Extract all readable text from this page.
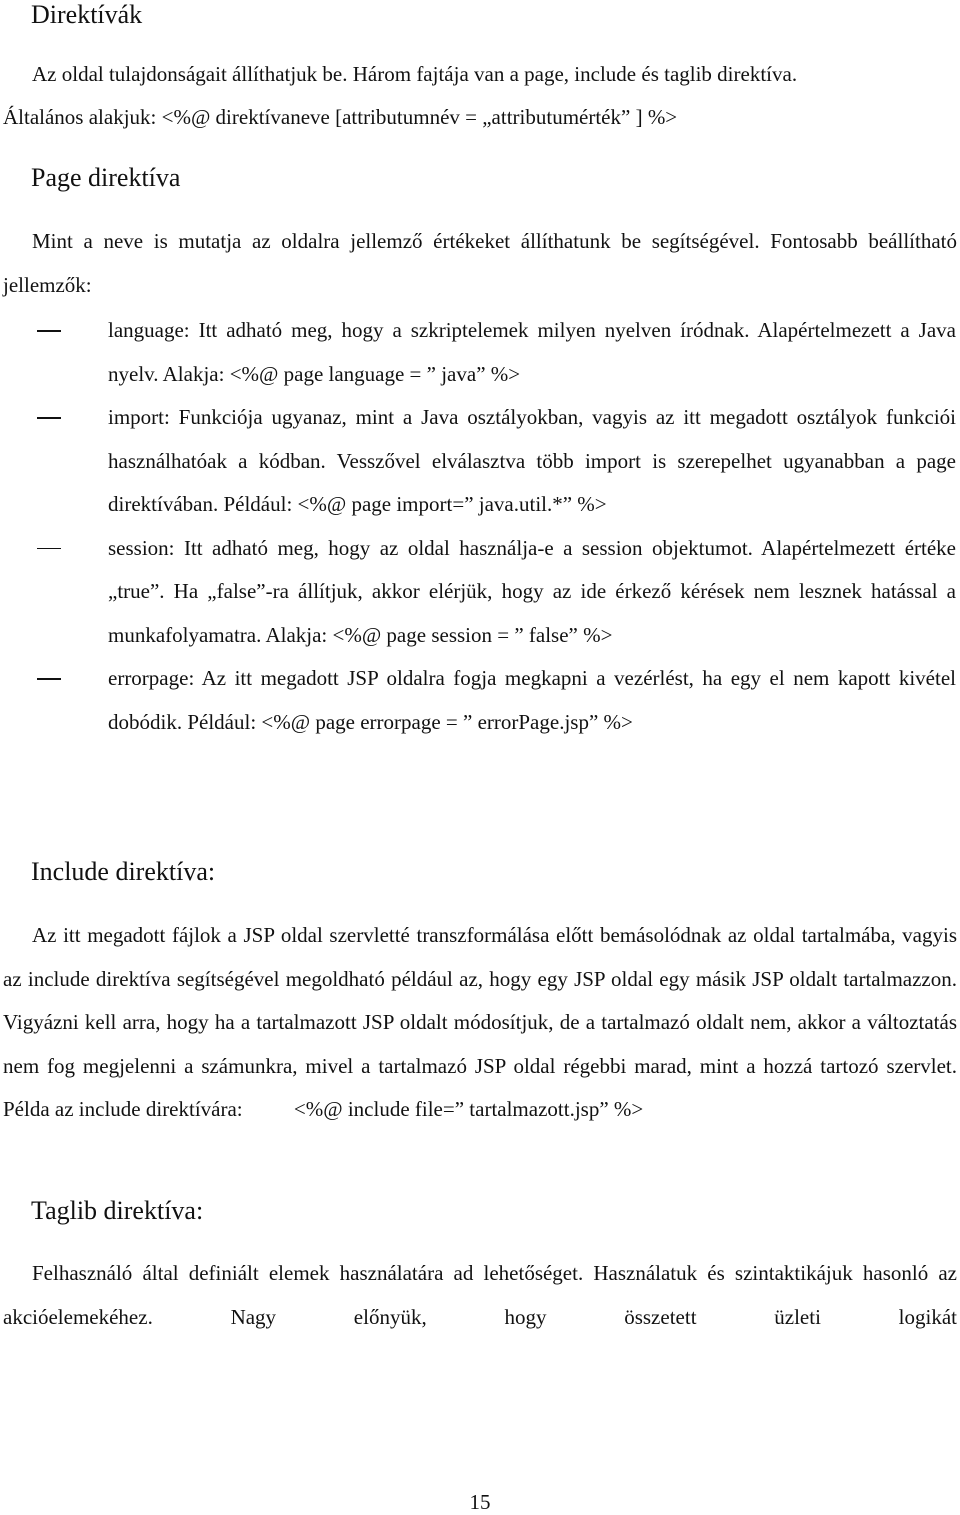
Direktívák

Az oldal tulajdonságait állíthatjuk be. Három fajtája van a page, include és taglib direktíva.

Általános alakjuk: <%@ direktívaneve [attributumnév = „attributumérték” ] %>

Page direktíva

Mint a neve is mutatja az oldalra jellemző értékeket állíthatunk be segítségével. Fontosabb beállítható jellemzők:

language: Itt adható meg, hogy a szkriptelemek milyen nyelven íródnak. Alapértelmezett a Java nyelv. Alakja: <%@ page language = ” java” %>
import: Funkciója ugyanaz, mint a Java osztályokban, vagyis az itt megadott osztályok funkciói használhatóak a kódban. Vesszővel elválasztva több import is szerepelhet ugyanabban a page direktívában. Például: <%@ page import=” java.util.*” %>
session: Itt adható meg, hogy az oldal használja-e a session objektumot. Alapértelmezett értéke „true”. Ha „false”-ra állítjuk, akkor elérjük, hogy az ide érkező kérések nem lesznek hatással a munkafolyamatra. Alakja: <%@ page session = ” false” %>
errorpage: Az itt megadott JSP oldalra fogja megkapni a vezérlést, ha egy el nem kapott kivétel dobódik. Például: <%@ page errorpage = ” errorPage.jsp” %>
Include direktíva:

Az itt megadott fájlok a JSP oldal szervletté transzformálása előtt bemásolódnak az oldal tartalmába, vagyis az include direktíva segítségével megoldható például az, hogy egy JSP oldal egy másik JSP oldalt tartalmazzon. Vigyázni kell arra, hogy ha a tartalmazott JSP oldalt módosítjuk, de a tartalmazó oldalt nem, akkor a változtatás nem fog megjelenni a számunkra, mivel a tartalmazó JSP oldal régebbi marad, mint a hozzá tartozó szervlet. Példa az include direktívára: <%@ include file=” tartalmazott.jsp” %>

Taglib direktíva:

Felhasználó által definiált elemek használatára ad lehetőséget. Használatuk és szintaktikájuk hasonló az akcióelemekéhez. Nagy előnyük, hogy összetett üzleti logikát

15
